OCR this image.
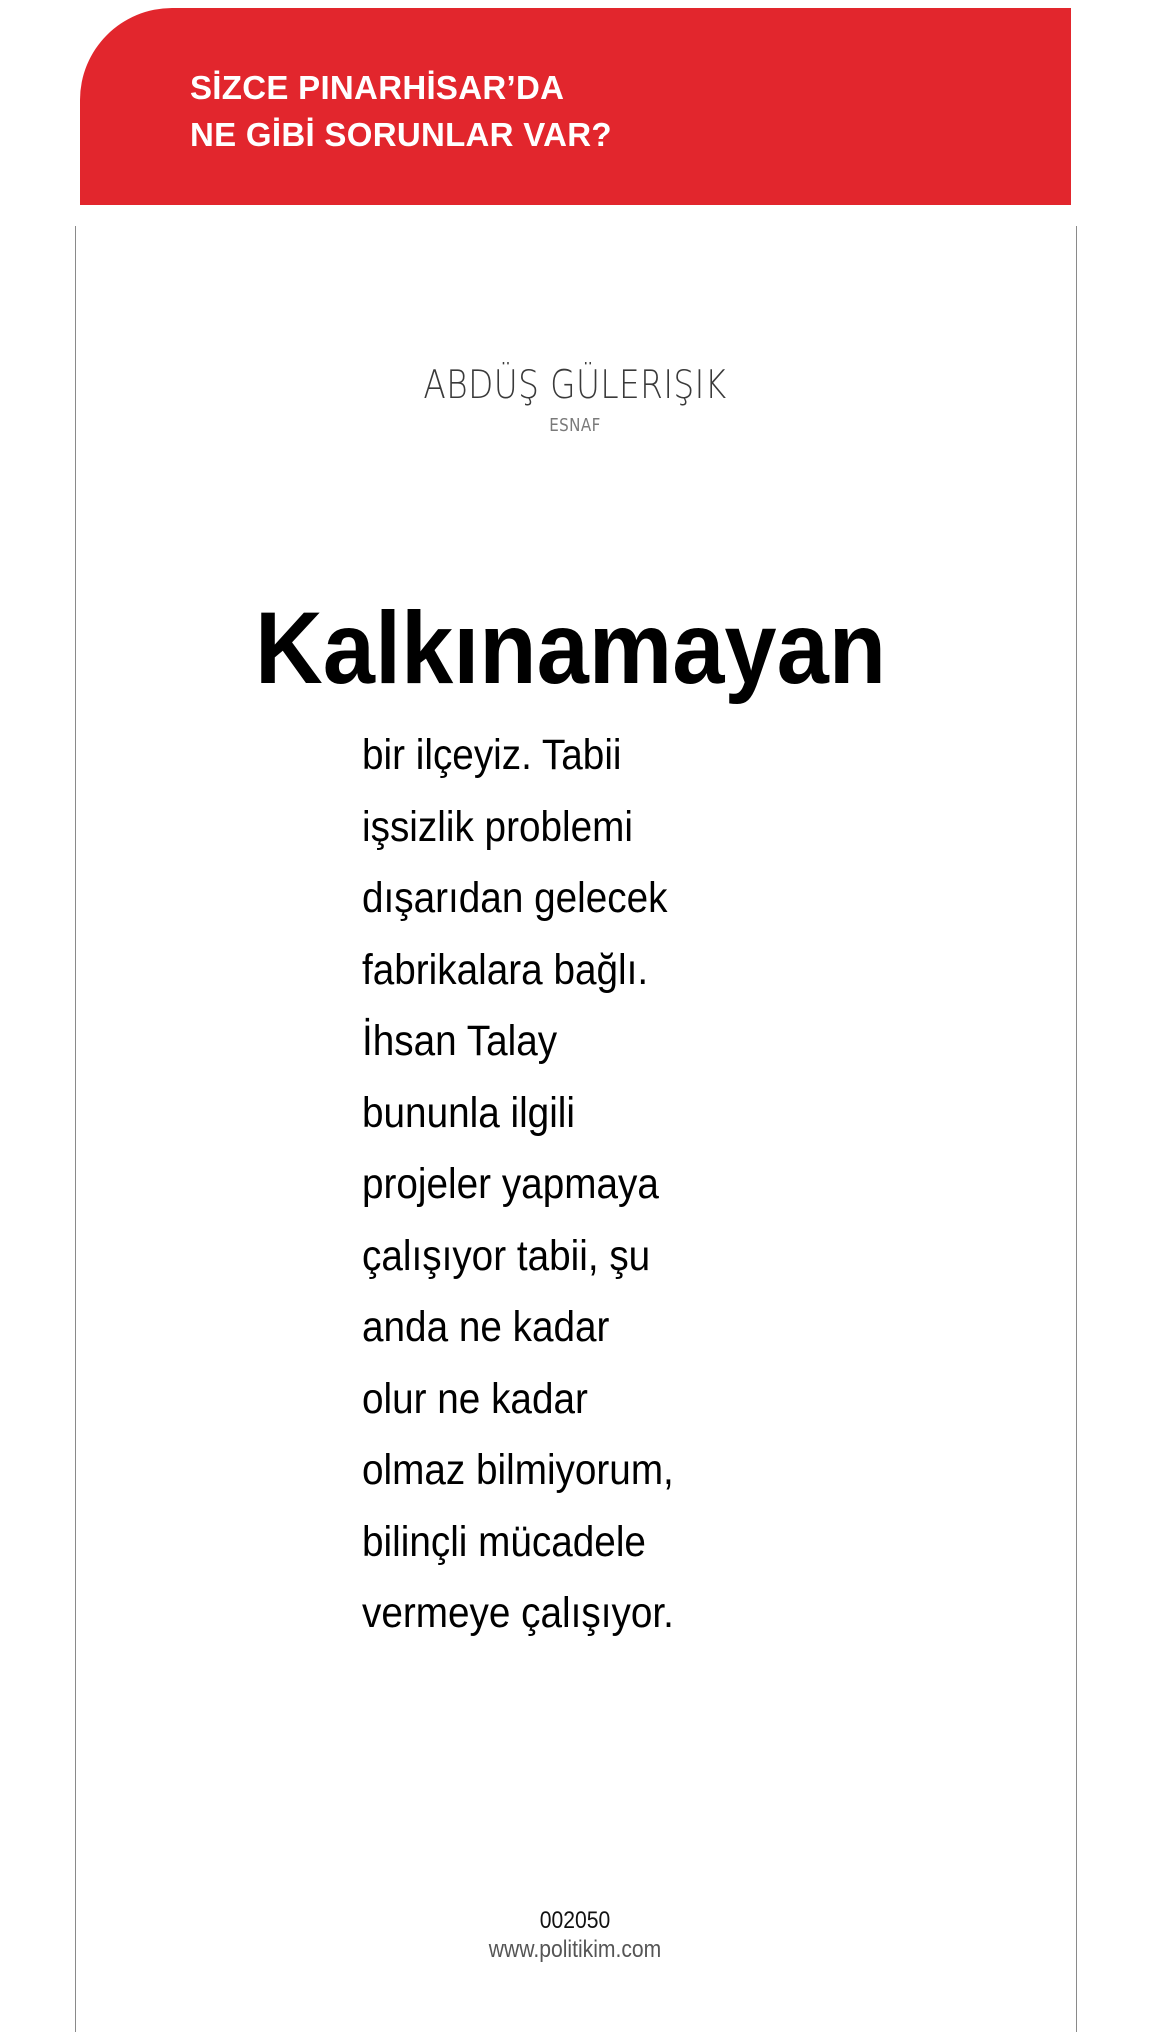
SİZCE PINARHİSAR’DA
NE GİBİ SORUNLAR VAR?
ABDÜŞ GÜLERIŞIK
ESNAF
Kalkınamayan
bir ilçeyiz. Tabii
işsizlik problemi
dışarıdan gelecek
fabrikalara bağlı.
İhsan Talay
bununla ilgili
projeler yapmaya
çalışıyor tabii, şu
anda ne kadar
olur ne kadar
olmaz bilmiyorum,
bilinçli mücadele
vermeye çalışıyor.
002050
www.politikim.com
